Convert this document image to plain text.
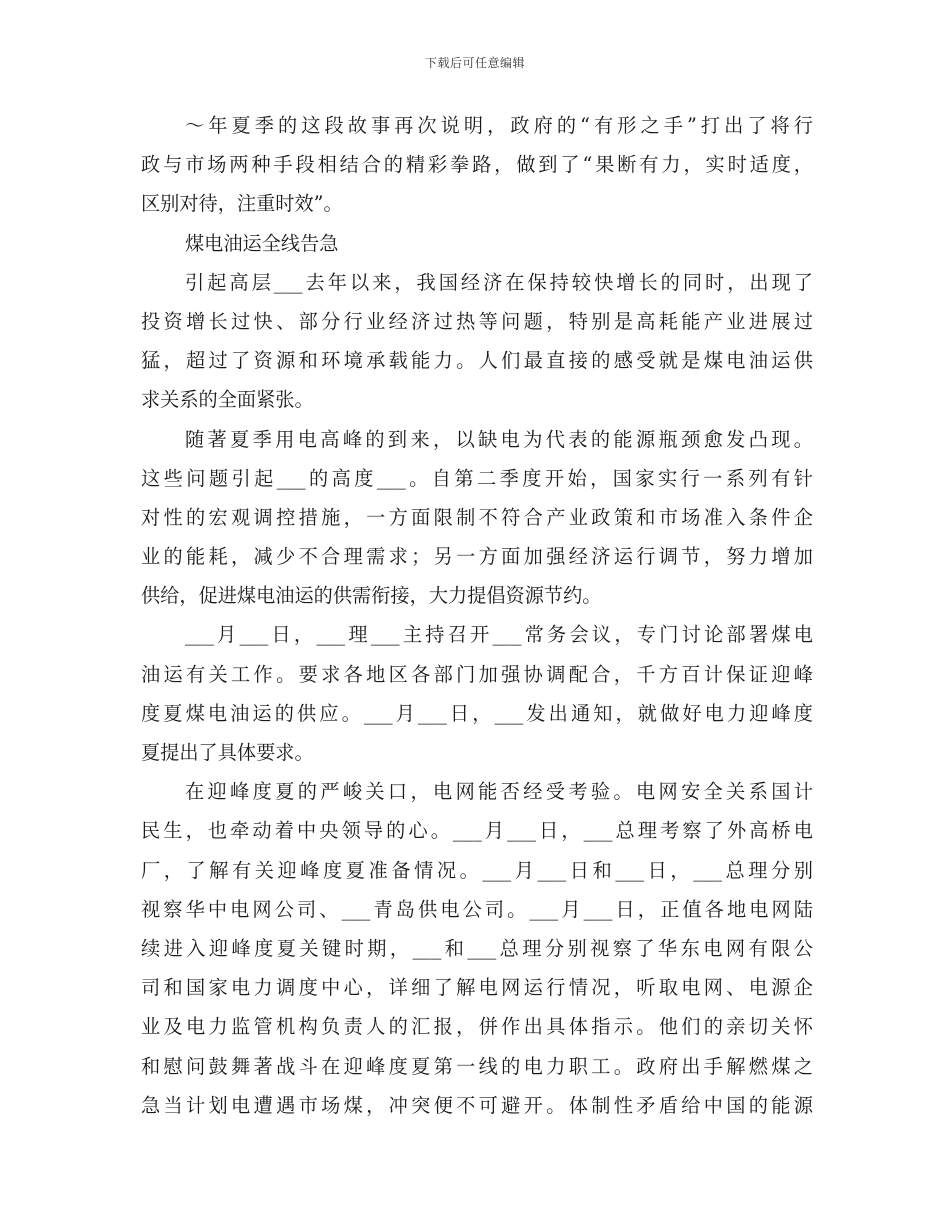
下载后可任意编辑
～年夏季的这段故事再次说明，政府的“有形之手”打出了将行
政与市场两种手段相结合的精彩拳路，做到了“果断有力，实时适度，
区别对待，注重时效”。
煤电油运全线告急
引起高层___去年以来，我国经济在保持较快增长的同时，出现了
投资增长过快、部分行业经济过热等问题，特别是高耗能产业进展过
猛，超过了资源和环境承载能力。人们最直接的感受就是煤电油运供
求关系的全面紧张。
随著夏季用电高峰的到来，以缺电为代表的能源瓶颈愈发凸现。
这些问题引起___的高度___。自第二季度开始，国家实行一系列有针
对性的宏观调控措施，一方面限制不符合产业政策和市场准入条件企
业的能耗，减少不合理需求；另一方面加强经济运行调节，努力增加
供给，促进煤电油运的供需衔接，大力提倡资源节约。
___月___日，___理___主持召开___常务会议，专门讨论部署煤电
油运有关工作。要求各地区各部门加强协调配合，千方百计保证迎峰
度夏煤电油运的供应。___月___日，___发出通知，就做好电力迎峰度
夏提出了具体要求。
在迎峰度夏的严峻关口，电网能否经受考验。电网安全关系国计
民生，也牵动着中央领导的心。___月___日，___总理考察了外高桥电
厂，了解有关迎峰度夏准备情况。___月___日和___日，___总理分别
视察华中电网公司、___青岛供电公司。___月___日，正值各地电网陆
续进入迎峰度夏关键时期，___和___总理分别视察了华东电网有限公
司和国家电力调度中心，详细了解电网运行情况，听取电网、电源企
业及电力监管机构负责人的汇报，併作出具体指示。他们的亲切关怀
和慰问鼓舞著战斗在迎峰度夏第一线的电力职工。政府出手解燃煤之
急当计划电遭遇市场煤，冲突便不可避开。体制性矛盾给中国的能源
